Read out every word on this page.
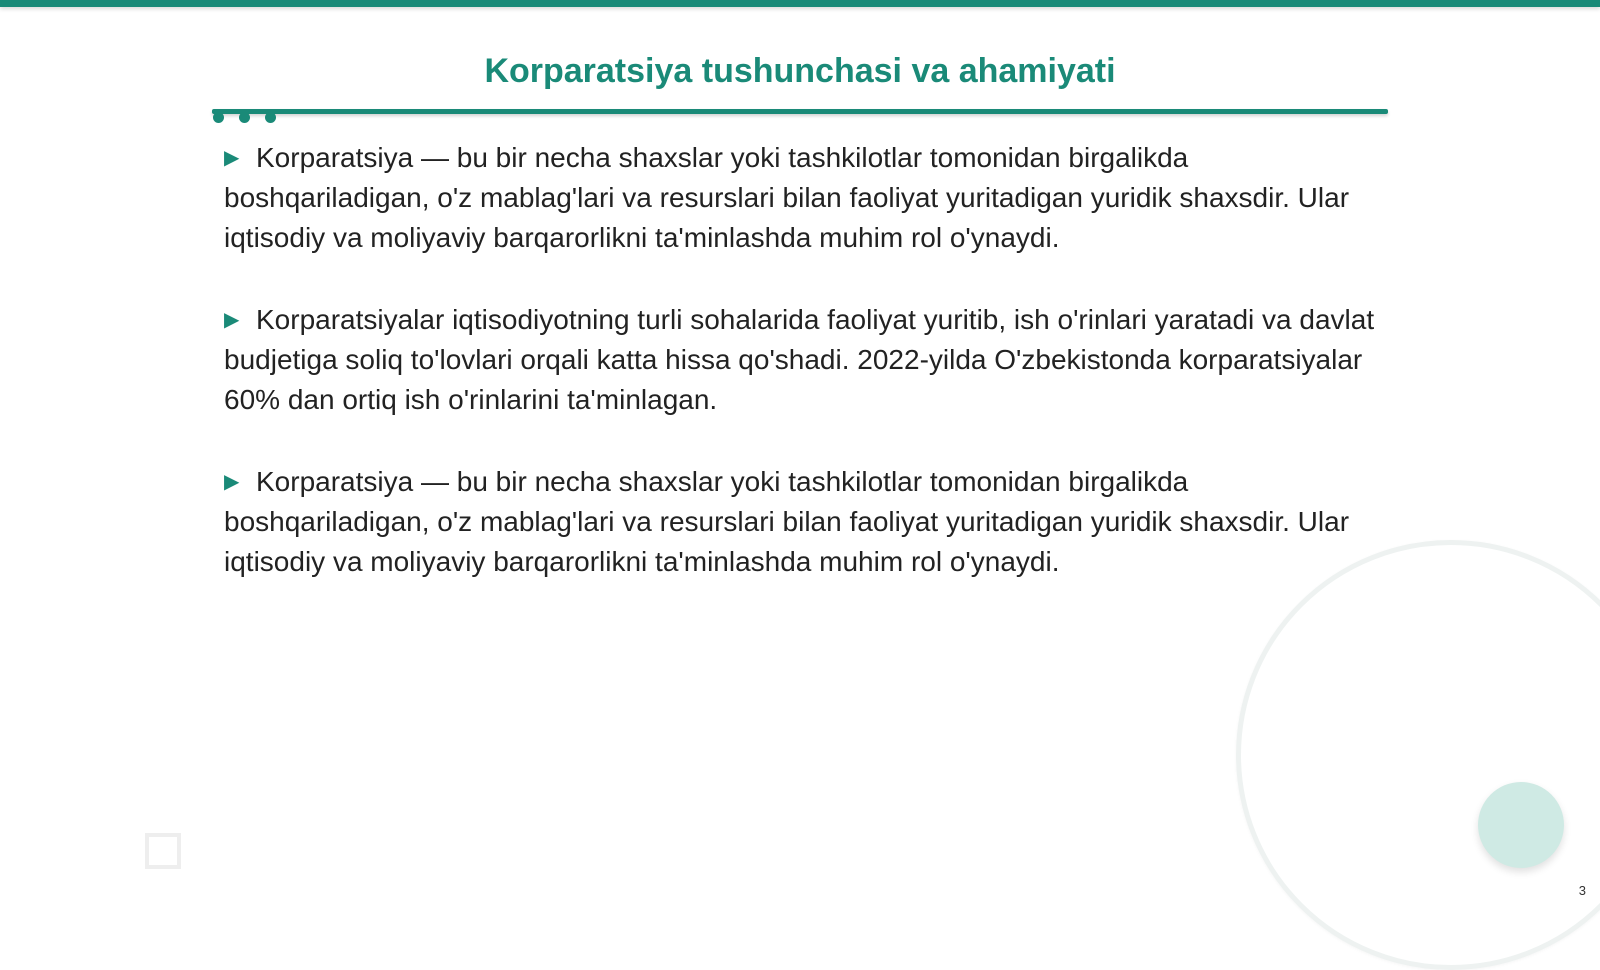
Korparatsiya tushunchasi va ahamiyati

▶ Korparatsiya — bu bir necha shaxslar yoki tashkilotlar tomonidan birgalikda boshqariladigan, o'z mablag'lari va resurslari bilan faoliyat yuritadigan yuridik shaxsdir. Ular iqtisodiy va moliyaviy barqarorlikni ta'minlashda muhim rol o'ynaydi.

▶ Korparatsiyalar iqtisodiyotning turli sohalarida faoliyat yuritib, ish o'rinlari yaratadi va davlat budjetiga soliq to'lovlari orqali katta hissa qo'shadi. 2022-yilda O'zbekistonda korparatsiyalar 60% dan ortiq ish o'rinlarini ta'minlagan.

▶ Korparatsiya — bu bir necha shaxslar yoki tashkilotlar tomonidan birgalikda boshqariladigan, o'z mablag'lari va resurslari bilan faoliyat yuritadigan yuridik shaxsdir. Ular iqtisodiy va moliyaviy barqarorlikni ta'minlashda muhim rol o'ynaydi.

3
